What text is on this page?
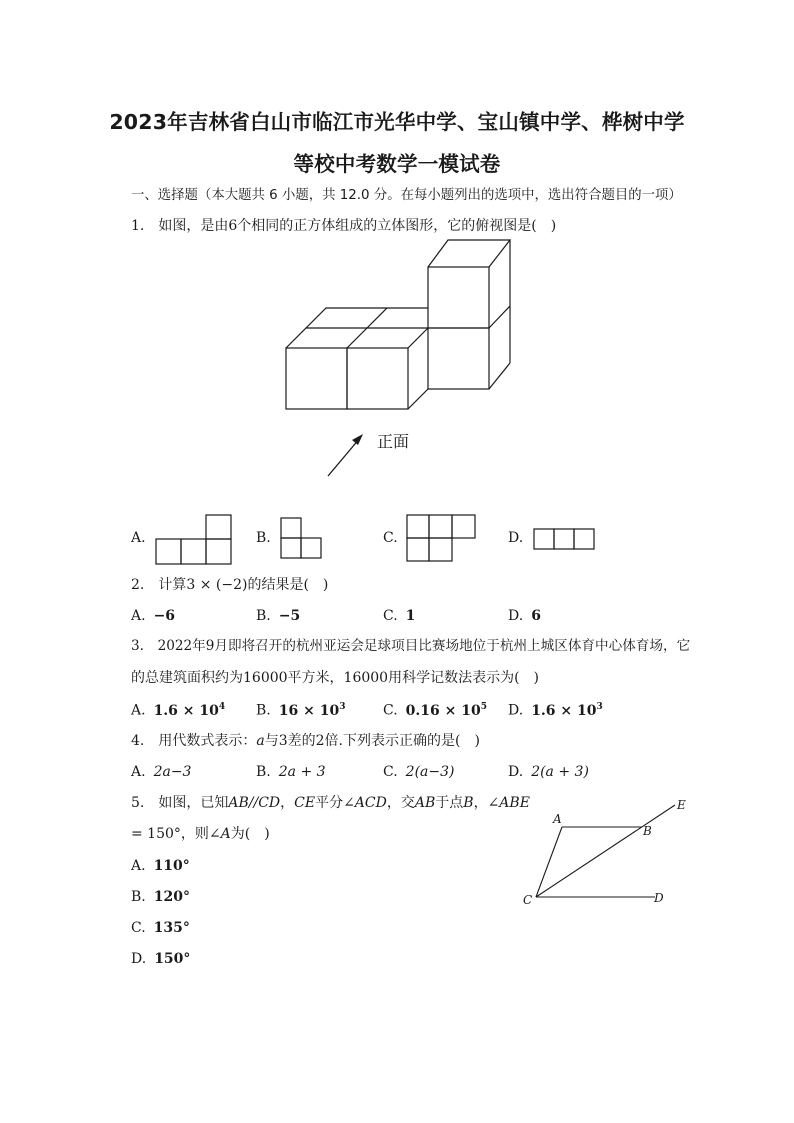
2023年吉林省白山市临江市光华中学、宝山镇中学、桦树中学
等校中考数学一模试卷
一、选择题（本大题共 6 小题，共 12.0 分。在每小题列出的选项中，选出符合题目的一项）
1.　如图，是由6个相同的正方体组成的立体图形，它的俯视图是(　)
正面
A.	B.	C.	D.
2.　计算3 × (−2)的结果是(　)
A. −6	B. −5	C. 1	D. 6
3.　2022年9月即将召开的杭州亚运会足球项目比赛场地位于杭州上城区体育中心体育场，它
的总建筑面积约为16000平方米，16000用科学记数法表示为(　)
A. $1.6 \times 10^4$ B. $16 \times 10^3$	C. $0.16 \times 10^5$ D. $1.6 \times 10^3$
4.　用代数式表示：a与3差的2倍.下列表示正确的是(　)
A. 2a−3	B. 2a + 3	C. 2(a−3)	D. 2(a + 3)
5.　如图，已知AB//CD，CE平分∠ACD，交AB于点B，∠ABE
= 150°，则∠A为(　)
A. 110°
B. 120°
C. 135°
D. 150°
A
B
C	D
E
